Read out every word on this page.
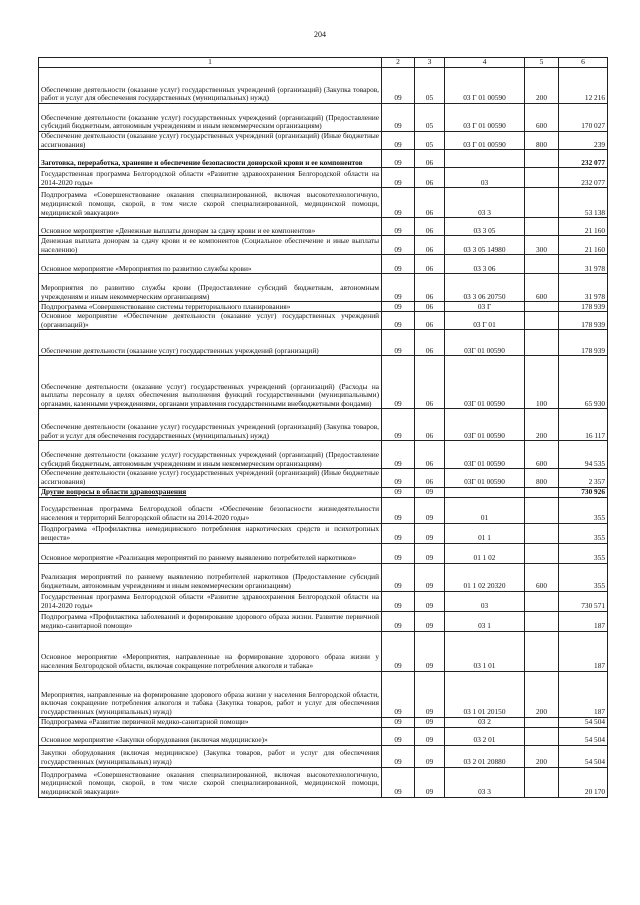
204
1	2	3	4	5	6
Обеспечение деятельности (оказание услуг) государственных учреждений (организаций) (Закупка товаров, работ и услуг для обеспечения государственных (муниципальных) нужд)	09	05	03 Г 01 00590	200	12 216
Обеспечение деятельности (оказание услуг) государственных учреждений (организаций) (Предоставление субсидий бюджетным, автономным учреждениям и иным некоммерческим организациям)	09	05	03 Г 01 00590	600	170 027
Обеспечение деятельности (оказание услуг) государственных учреждений (организаций) (Иные бюджетные ассигнования)	09	05	03 Г 01 00590	800	239
Заготовка, переработка, хранение и обеспечение безопасности донорской крови и ее компонентов	09	06			232 077
Государственная программа Белгородской области «Развитие здравоохранения Белгородской области на 2014-2020 годы»	09	06	03		232 077
Подпрограмма «Совершенствование оказания специализированной, включая высокотехнологичную, медицинской помощи, скорой, в том числе скорой специализированной, медицинской помощи, медицинской эвакуации»	09	06	03 3		53 138
Основное мероприятие «Денежные выплаты донорам за сдачу крови и ее компонентов»	09	06	03 3 05		21 160
Денежная выплата донорам за сдачу крови и ее компонентов (Социальное обеспечение и иные выплаты населению)	09	06	03 3 05 14980	300	21 160
Основное мероприятие «Мероприятия по развитию службы крови»	09	06	03 3 06		31 978
Мероприятия по развитию службы крови (Предоставление субсидий бюджетным, автономным учреждениям и иным некоммерческим организациям)	09	06	03 3 06 20750	600	31 978
Подпрограмма «Совершенствование системы территориального планирования»	09	06	03 Г		178 939
Основное мероприятие «Обеспечение деятельности (оказание услуг) государственных учреждений (организаций)»	09	06	03 Г 01		178 939
Обеспечение деятельности (оказание услуг) государственных учреждений (организаций)	09	06	03Г 01 00590		178 939
Обеспечение деятельности (оказание услуг) государственных учреждений (организаций) (Расходы на выплаты персоналу в целях обеспечения выполнения функций государственными (муниципальными) органами, казенными учреждениями, органами управления государственными внебюджетными фондами)	09	06	03Г 01 00590	100	65 930
Обеспечение деятельности (оказание услуг) государственных учреждений (организаций) (Закупка товаров, работ и услуг для обеспечения государственных (муниципальных) нужд)	09	06	03Г 01 00590	200	16 117
Обеспечение деятельности (оказание услуг) государственных учреждений (организаций) (Предоставление субсидий бюджетным, автономным учреждениям и иным некоммерческим организациям)	09	06	03Г 01 00590	600	94 535
Обеспечение деятельности (оказание услуг) государственных учреждений (организаций) (Иные бюджетные ассигнования)	09	06	03Г 01 00590	800	2 357
Другие вопросы в области здравоохранения	09	09			730 926
Государственная программа Белгородской области «Обеспечение безопасности жизнедеятельности населения и территорий Белгородской области на 2014-2020 годы»	09	09	01		355
Подпрограмма «Профилактика немедицинского потребления наркотических средств и психотропных веществ»	09	09	01 1		355
Основное мероприятие «Реализация мероприятий по раннему выявлению потребителей наркотиков»	09	09	01 1 02		355
Реализация мероприятий по раннему выявлению потребителей наркотиков (Предоставление субсидий бюджетным, автономным учреждениям и иным некоммерческим организациям)	09	09	01 1 02 20320	600	355
Государственная программа Белгородской области «Развитие здравоохранения Белгородской области на 2014-2020 годы»	09	09	03		730 571
Подпрограмма «Профилактика заболеваний и формирование здорового образа жизни. Развитие первичной медико-санитарной помощи»	09	09	03 1		187
Основное мероприятие «Мероприятия, направленные на формирование здорового образа жизни у населения Белгородской области, включая сокращение потребления алкоголя и табака»	09	09	03 1 01		187
Мероприятия, направленные на формирование здорового образа жизни у населения Белгородской области, включая сокращение потребления алкоголя и табака (Закупка товаров, работ и услуг для обеспечения государственных (муниципальных) нужд)	09	09	03 1 01 20150	200	187
Подпрограмма «Развитие первичной медико-санитарной помощи»	09	09	03 2		54 504
Основное мероприятие «Закупки оборудования (включая медицинское)»	09	09	03 2 01		54 504
Закупки оборудования (включая медицинское) (Закупка товаров, работ и услуг для обеспечения государственных (муниципальных) нужд)	09	09	03 2 01 20880	200	54 504
Подпрограмма «Совершенствование оказания специализированной, включая высокотехнологичную, медицинской помощи, скорой, в том числе скорой специализированной, медицинской помощи, медицинской эвакуации»	09	09	03 3		20 170
